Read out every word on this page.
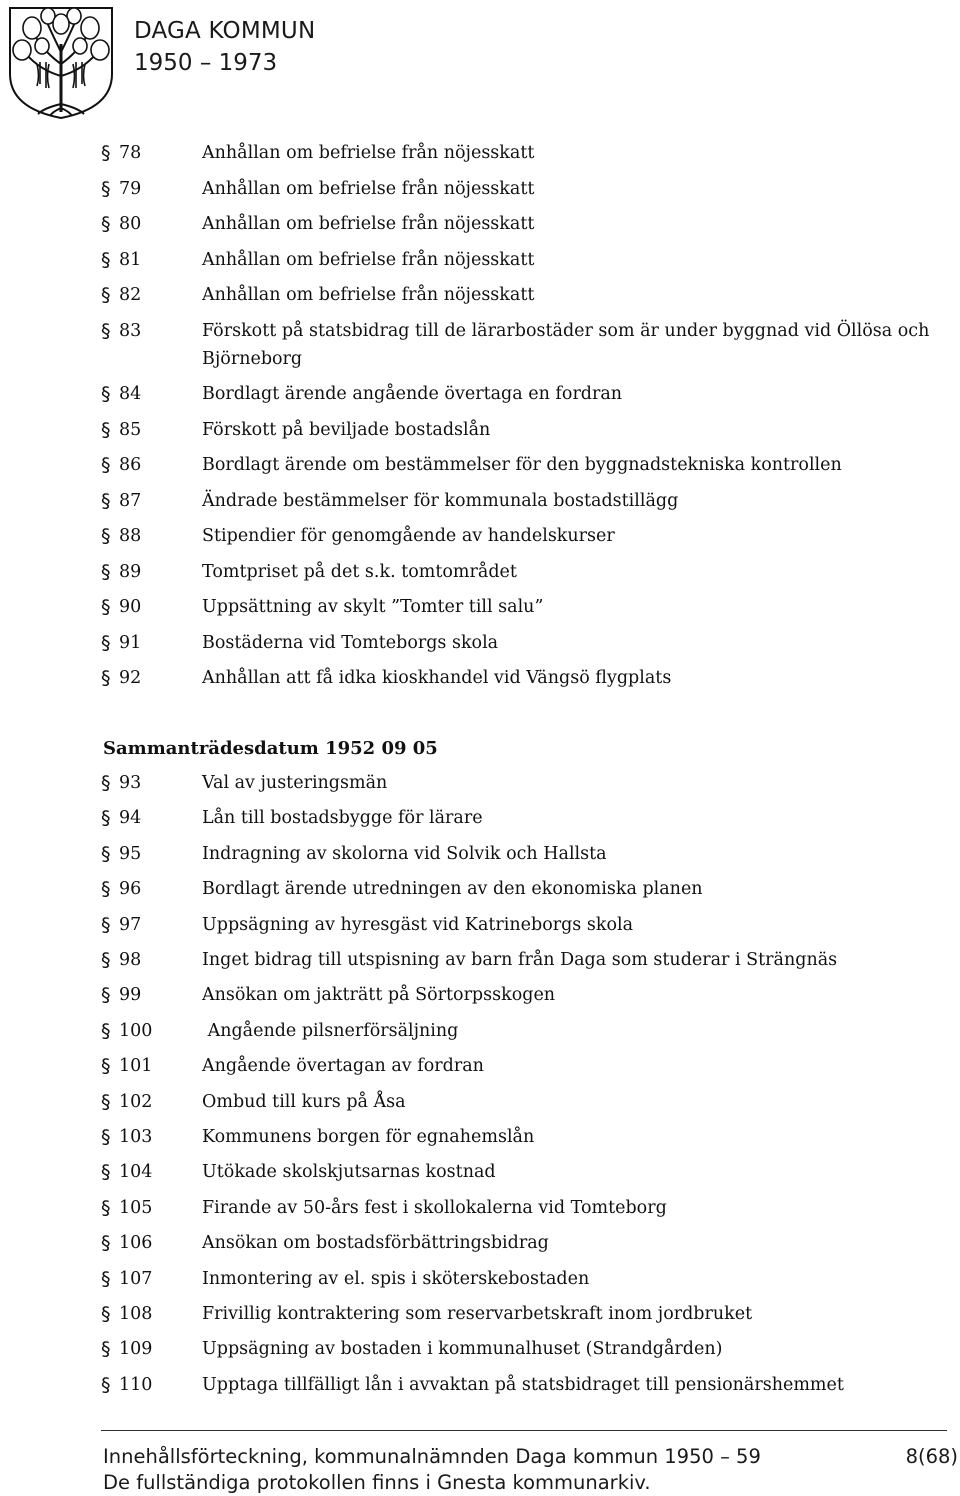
DAGA KOMMUN
1950 – 1973
§ 78	Anhållan om befrielse från nöjesskatt
§ 79	Anhållan om befrielse från nöjesskatt
§ 80	Anhållan om befrielse från nöjesskatt
§ 81	Anhållan om befrielse från nöjesskatt
§ 82	Anhållan om befrielse från nöjesskatt
§ 83	Förskott på statsbidrag till de lärarbostäder som är under byggnad vid Öllösa och
Björneborg
§ 84	Bordlagt ärende angående övertaga en fordran
§ 85	Förskott på beviljade bostadslån
§ 86	Bordlagt ärende om bestämmelser för den byggnadstekniska kontrollen
§ 87	Ändrade bestämmelser för kommunala bostadstillägg
§ 88	Stipendier för genomgående av handelskurser
§ 89	Tomtpriset på det s.k. tomtområdet
§ 90	Uppsättning av skylt ”Tomter till salu”
§ 91	Bostäderna vid Tomteborgs skola
§ 92	Anhållan att få idka kioskhandel vid Vängsö flygplats
Sammanträdesdatum 1952 09 05
§ 93	Val av justeringsmän
§ 94	Lån till bostadsbygge för lärare
§ 95	Indragning av skolorna vid Solvik och Hallsta
§ 96	Bordlagt ärende utredningen av den ekonomiska planen
§ 97	Uppsägning av hyresgäst vid Katrineborgs skola
§ 98	Inget bidrag till utspisning av barn från Daga som studerar i Strängnäs
§ 99	Ansökan om jakträtt på Sörtorpsskogen
§ 100	Angående pilsnerförsäljning
§ 101	Angående övertagan av fordran
§ 102	Ombud till kurs på Åsa
§ 103	Kommunens borgen för egnahemslån
§ 104	Utökade skolskjutsarnas kostnad
§ 105	Firande av 50-års fest i skollokalerna vid Tomteborg
§ 106	Ansökan om bostadsförbättringsbidrag
§ 107	Inmontering av el. spis i sköterskebostaden
§ 108	Frivillig kontraktering som reservarbetskraft inom jordbruket
§ 109	Uppsägning av bostaden i kommunalhuset (Strandgården)
§ 110	Upptaga tillfälligt lån i avvaktan på statsbidraget till pensionärshemmet
Innehållsförteckning, kommunalnämnden Daga kommun 1950 – 59
De fullständiga protokollen finns i Gnesta kommunarkiv.
8(68)
